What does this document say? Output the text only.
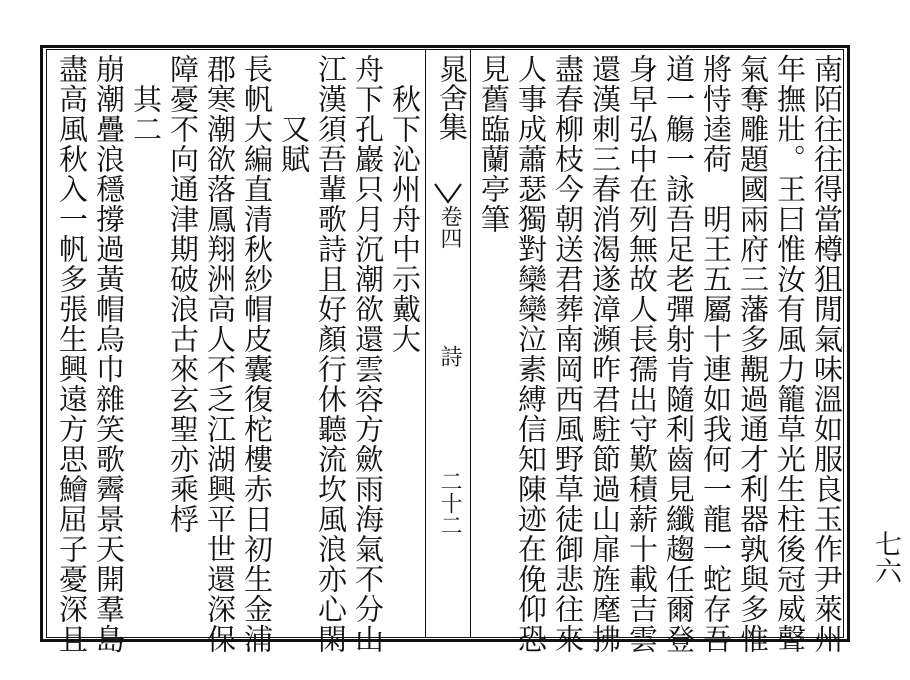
南陌往往得當樽狙閒氣味溫如服良玉作尹萊州
年撫壯。王曰惟汝有風力籠草光生柱後冠威聲
氣奪雕題國兩府三藩多覯過通才利器孰與多惟
將恃逵荷　明王五屬十連如我何一龍一蛇存吾
道一觴一詠吾足老彈射肯隨利齒見纖趨任爾登
身早弘中在列無故人長孺出守歎積薪十載吉雲
還漢刺三春消渴遂漳瀕昨君駐節過山扉旌麾拂
盡春柳枝今朝送君葬南岡西風野草徒御悲往來
人事成蕭瑟獨對欒欒泣素縛信知陳迹在俛仰恐
見舊臨蘭亭筆
晁舍集
卷四
詩
二十二
　秋下沁州舟中示戴大
舟下孔巖只月沉潮欲還雲容方歛雨海氣不分山
江漢須吾輩歌詩且好顏行休聽流坎風浪亦心閑
　　又賦
長帆大編直清秋紗帽皮囊復柁樓赤日初生金浦
郡寒潮欲落鳳翔洲高人不乏江湖興平世還深保
障憂不向通津期破浪古來玄聖亦乘桴
　其二
崩潮疊浪穩撐過黃帽烏巾雜笑歌霽景天開羣島
盡高風秋入一帆多張生興遠方思鱠屈子憂深且	七六
